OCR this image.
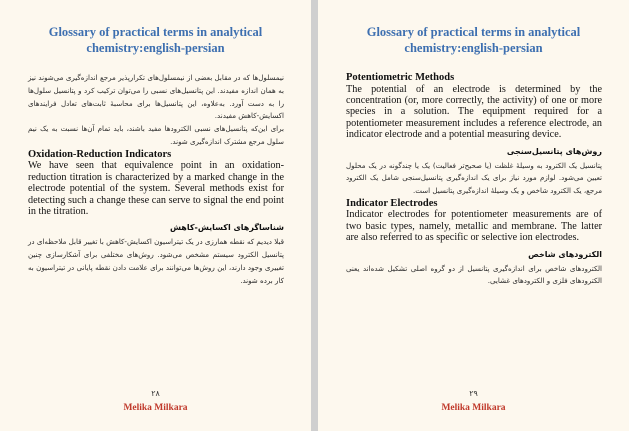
Glossary of practical terms in analytical chemistry:english-persian

نیمسلول‌ها که در مقابل بعضی از نیمسلول‌های تکرارپذیر مرجع اندازه‌گیری می‌شوند نیز به همان اندازه مفیدند. این پتانسیل‌های نسبی را می‌توان ترکیب کرد و پتانسیل سلول‌ها را به دست آورد. به‌علاوه، این پتانسیل‌ها برای محاسبهٔ ثابت‌های تعادل فرایندهای اکسایش-کاهش مفیدند.

برای این‌که پتانسیل‌های نسبی الکترودها مفید باشند، باید تمام آن‌ها نسبت به یک نیم سلول مرجع مشترک اندازه‌گیری شوند.

Oxidation-Reduction Indicators

We have seen that equivalence point in an oxidation- reduction titration is characterized by a marked change in the electrode potential of the system. Several methods exist for detecting such a change these can serve to signal the end point in the titration.

شناساگرهای اکسایش-کاهش

قبلا دیدیم که نقطه همارزی در یک تیتراسیون اکسایش-کاهش با تغییر قابل ملاحظه‌ای در پتانسیل الکترود سیستم مشخص می‌شود. روش‌های مختلفی برای آشکارسازی چنین تغییری وجود دارند، این روش‌ها می‌توانند برای علامت دادن نقطه پایانی در تیتراسیون به کار برده شوند.

۲۸
Melika Milkara
Glossary of practical terms in analytical chemistry:english-persian

Potentiometric Methods

The potential of an electrode is determined by the concentration (or, more correctly, the activity) of one or more species in a solution. The equipment required for a potentiometer measurement includes a reference electrode, an indicator electrode and a potential measuring device.

روش‌های پتانسیل‌سنجی

پتانسیل یک الکترود به وسیلهٔ غلظت (یا صحیح‌تر فعالیت) یک یا چندگونه در یک محلول تعیین می‌شود. لوازم مورد نیاز برای یک اندازه‌گیری پتانسیل‌سنجی شامل یک الکترود مرجع، یک الکترود شاخص و یک وسیلهٔ اندازه‌گیری پتانسیل است.

Indicator Electrodes

Indicator electrodes for potentiometer measurements are of two basic types, namely, metallic and membrane. The latter are also referred to as specific or selective ion electrodes.

الکترودهای شاخص

الکترودهای شاخص برای اندازه‌گیری پتانسیل از دو گروه اصلی تشکیل شده‌اند یعنی الکترودهای فلزی و الکترودهای غشایی.

۲۹
Melika Milkara
